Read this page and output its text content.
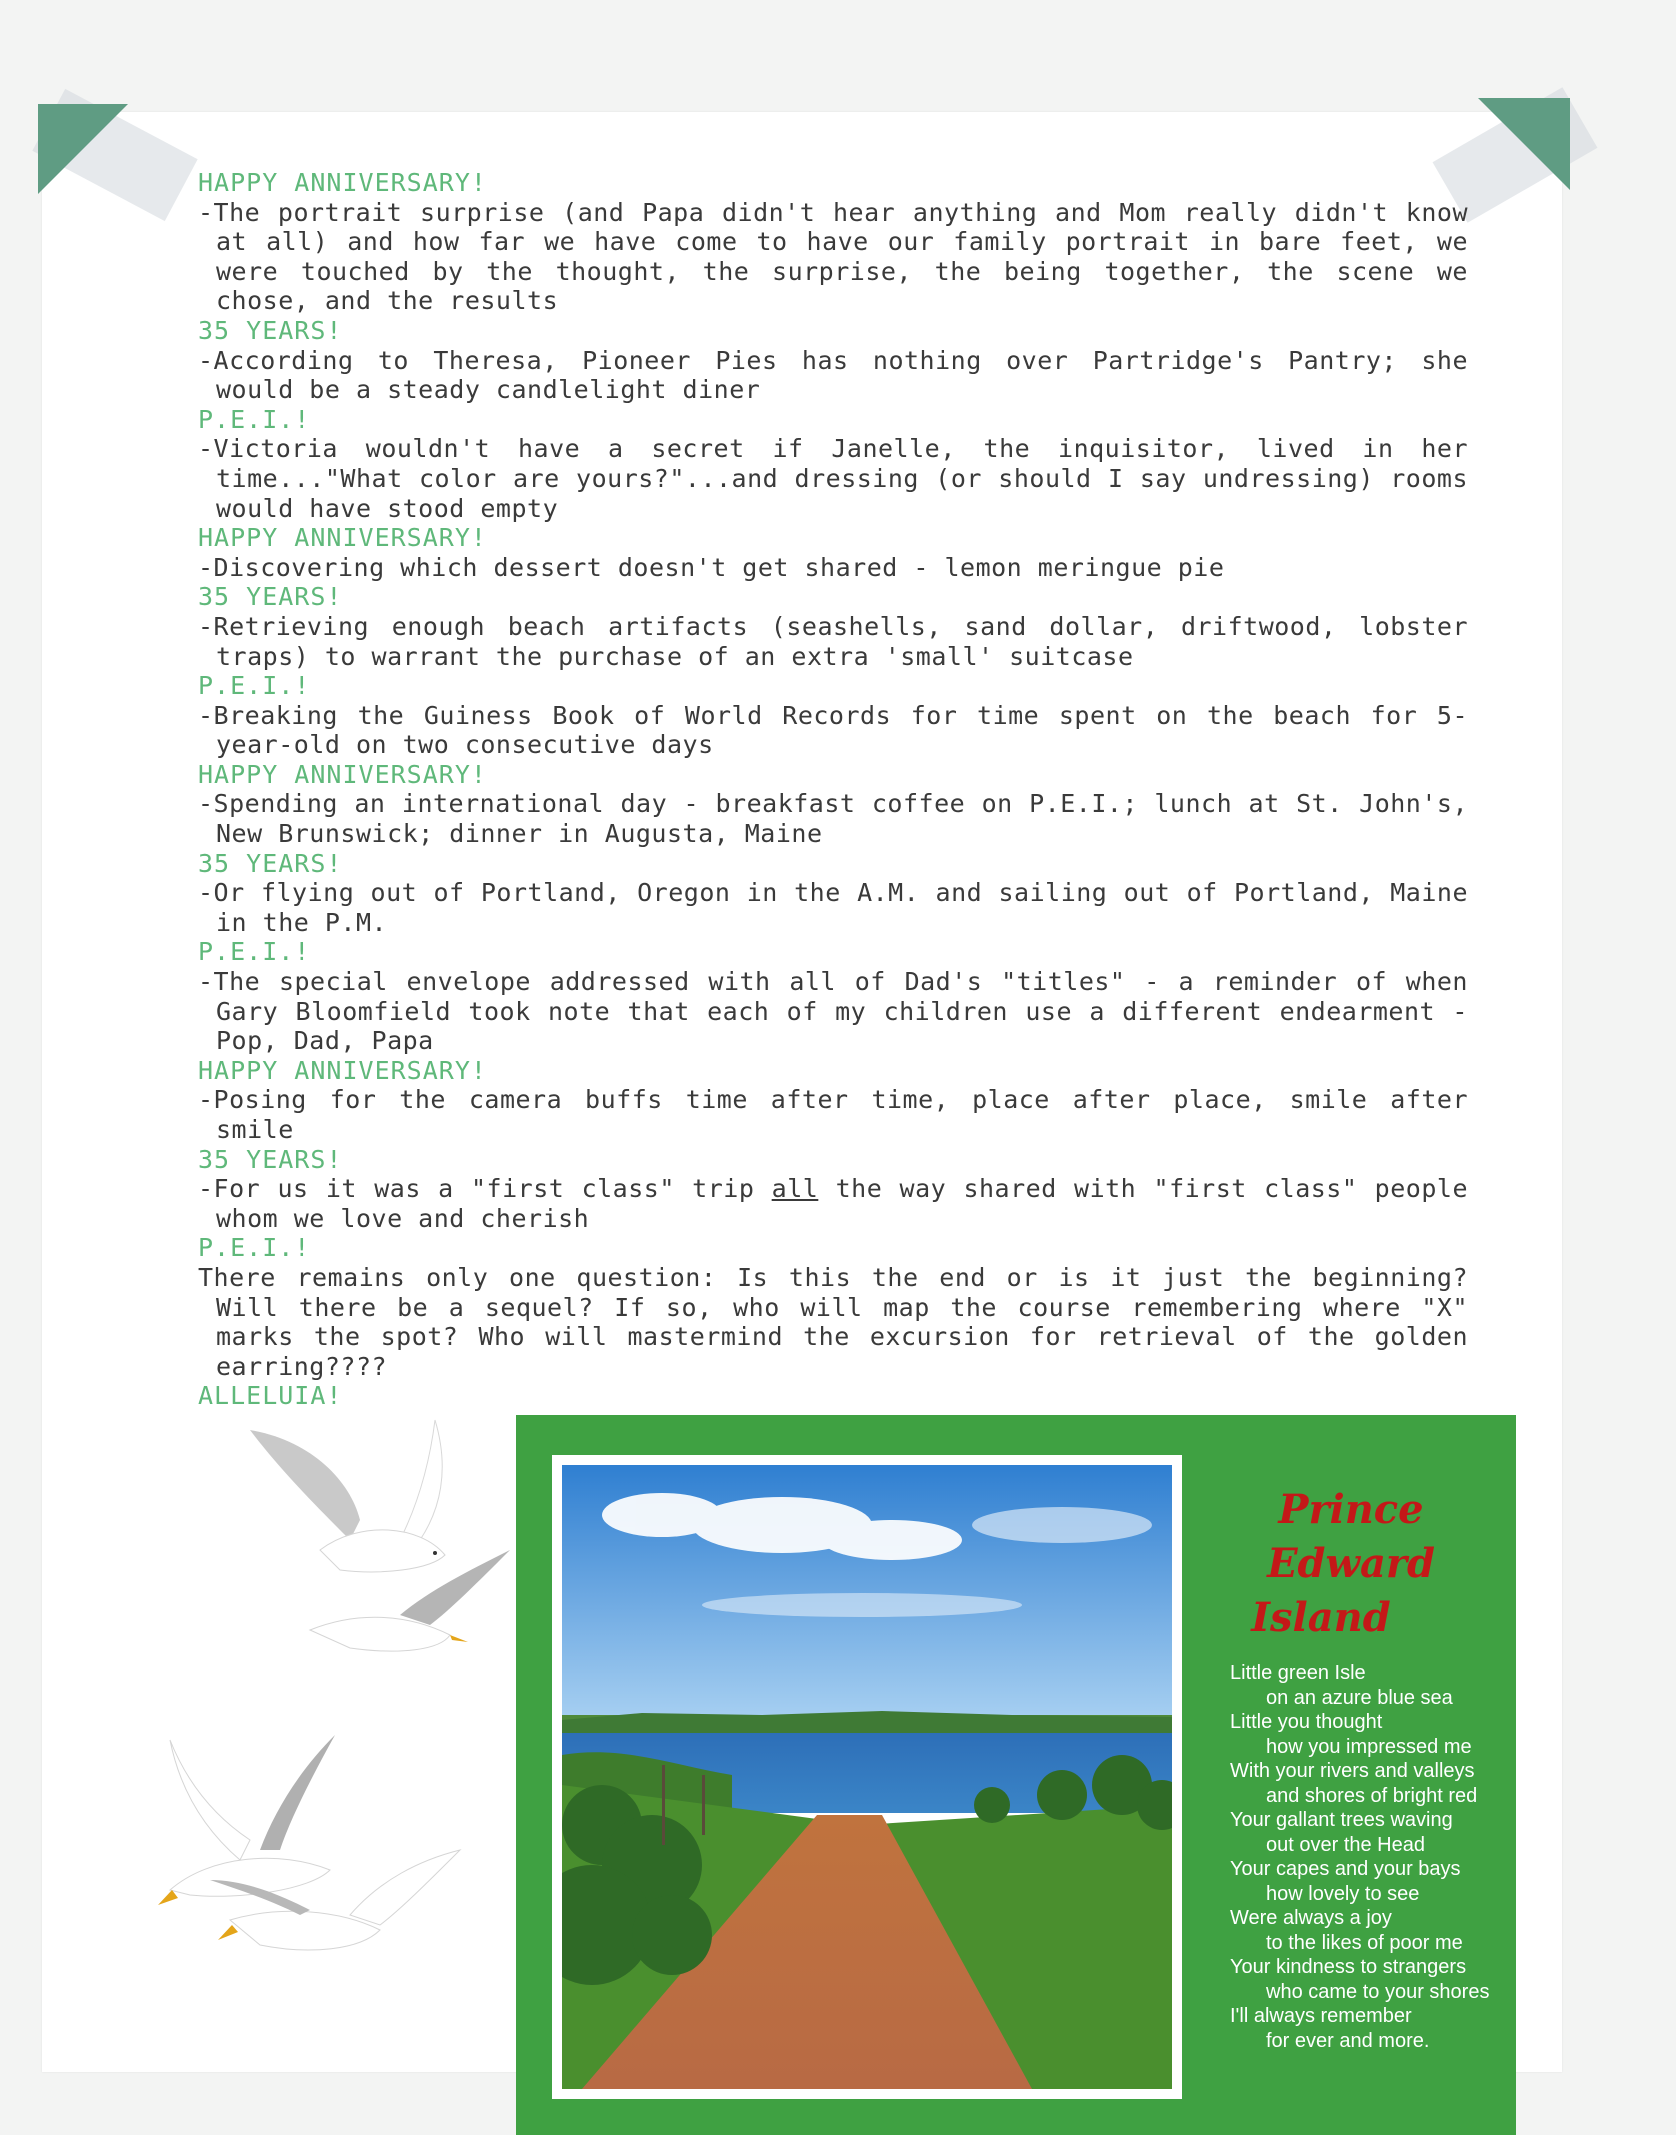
HAPPY ANNIVERSARY!

-The portrait surprise (and Papa didn't hear anything and Mom really didn't know at all) and how far we have come to have our family portrait in bare feet, we were touched by the thought, the surprise, the being together, the scene we chose, and the results

35 YEARS!

-According to Theresa, Pioneer Pies has nothing over Partridge's Pantry; she would be a steady candlelight diner

P.E.I.!

-Victoria wouldn't have a secret if Janelle, the inquisitor, lived in her time..."What color are yours?"...and dressing (or should I say undressing) rooms would have stood empty

HAPPY ANNIVERSARY!

-Discovering which dessert doesn't get shared - lemon meringue pie

35 YEARS!

-Retrieving enough beach artifacts (seashells, sand dollar, driftwood, lobster traps) to warrant the purchase of an extra 'small' suitcase

P.E.I.!

-Breaking the Guiness Book of World Records for time spent on the beach for 5-year-old on two consecutive days

HAPPY ANNIVERSARY!

-Spending an international day - breakfast coffee on P.E.I.; lunch at St. John's, New Brunswick; dinner in Augusta, Maine

35 YEARS!

-Or flying out of Portland, Oregon in the A.M. and sailing out of Portland, Maine in the P.M.

P.E.I.!

-The special envelope addressed with all of Dad's "titles" - a reminder of when Gary Bloomfield took note that each of my children use a different endearment - Pop, Dad, Papa

HAPPY ANNIVERSARY!

-Posing for the camera buffs time after time, place after place, smile after smile

35 YEARS!

-For us it was a "first class" trip all the way shared with "first class" people whom we love and cherish

P.E.I.!

There remains only one question: Is this the end or is it just the beginning? Will there be a sequel? If so, who will map the course remembering where "X" marks the spot? Who will mastermind the excursion for retrieval of the golden earring????

ALLELUIA!

Prince Edward
Island
Little green Isle
on an azure blue sea
Little you thought
how you impressed me
With your rivers and valleys
and shores of bright red
Your gallant trees waving
out over the Head
Your capes and your bays
how lovely to see
Were always a joy
to the likes of poor me
Your kindness to strangers
who came to your shores
I'll always remember
for ever and more.
